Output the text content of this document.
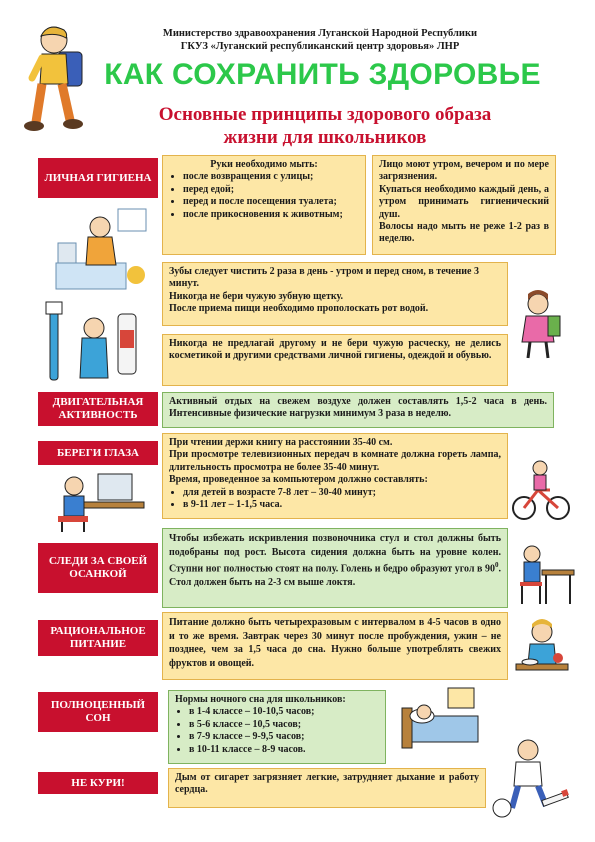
Министерство здравоохранения Луганской Народной Республики
ГКУЗ «Луганский республиканский центр здоровья» ЛНР
КАК СОХРАНИТЬ ЗДОРОВЬЕ
Основные принципы здорового образа
жизни для школьников
ЛИЧНАЯ ГИГИЕНА

Руки необходимо мыть:

• после возвращения с улицы;
• перед едой;
• перед и после посещения туалета;
• после прикосновения к животным;

Лицо моют утром, вечером и по мере загрязнения.

Купаться необходимо каждый день, а утром принимать гигиенический душ.

Волосы надо мыть не реже 1-2 раз в неделю.

Зубы следует чистить 2 раза в день - утром и перед сном, в течение 3 минут.

Никогда не бери чужую зубную щетку.

После приема пищи необходимо прополоскать рот водой.

Никогда не предлагай другому и не бери чужую расческу, не делись косметикой и другими средствами личной гигиены, одеждой и обувью.
ДВИГАТЕЛЬНАЯ АКТИВНОСТЬ
Активный отдых на свежем воздухе должен составлять 1,5-2 часа в день. Интенсивные физические нагрузки минимум 3 раза в неделю.
БЕРЕГИ ГЛАЗА

При чтении держи книгу на расстоянии 35-40 см.

При просмотре телевизионных передач в комнате должна гореть лампа, длительность просмотра не более 35-40 минут.

Время, проведенное за компьютером должно составлять:

• для детей в возрасте 7-8 лет – 30-40 минут;
• в 9-11 лет – 1-1,5 часа.
СЛЕДИ ЗА СВОЕЙ ОСАНКОЙ
Чтобы избежать искривления позвоночника стул и стол должны быть подобраны под рост. Высота сидения должна быть на уровне колен. Ступни ног полностью стоят на полу. Голень и бедро образуют угол в $90^0$. Стол должен быть на 2-3 см выше локтя.
РАЦИОНАЛЬНОЕ ПИТАНИЕ
Питание должно быть четырехразовым с интервалом в 4-5 часов в одно и то же время. Завтрак через 30 минут после пробуждения, ужин – не позднее, чем за 1,5 часа до сна. Нужно больше употреблять свежих фруктов и овощей.
ПОЛНОЦЕННЫЙ СОН

Нормы ночного сна для школьников:

• в 1-4 классе – 10-10,5 часов;
• в 5-6 классе – 10,5 часов;
• в 7-9 классе – 9-9,5 часов;
• в 10-11 классе – 8-9 часов.
НЕ КУРИ!	Дым от сигарет загрязняет легкие, затрудняет дыхание и работу сердца.
